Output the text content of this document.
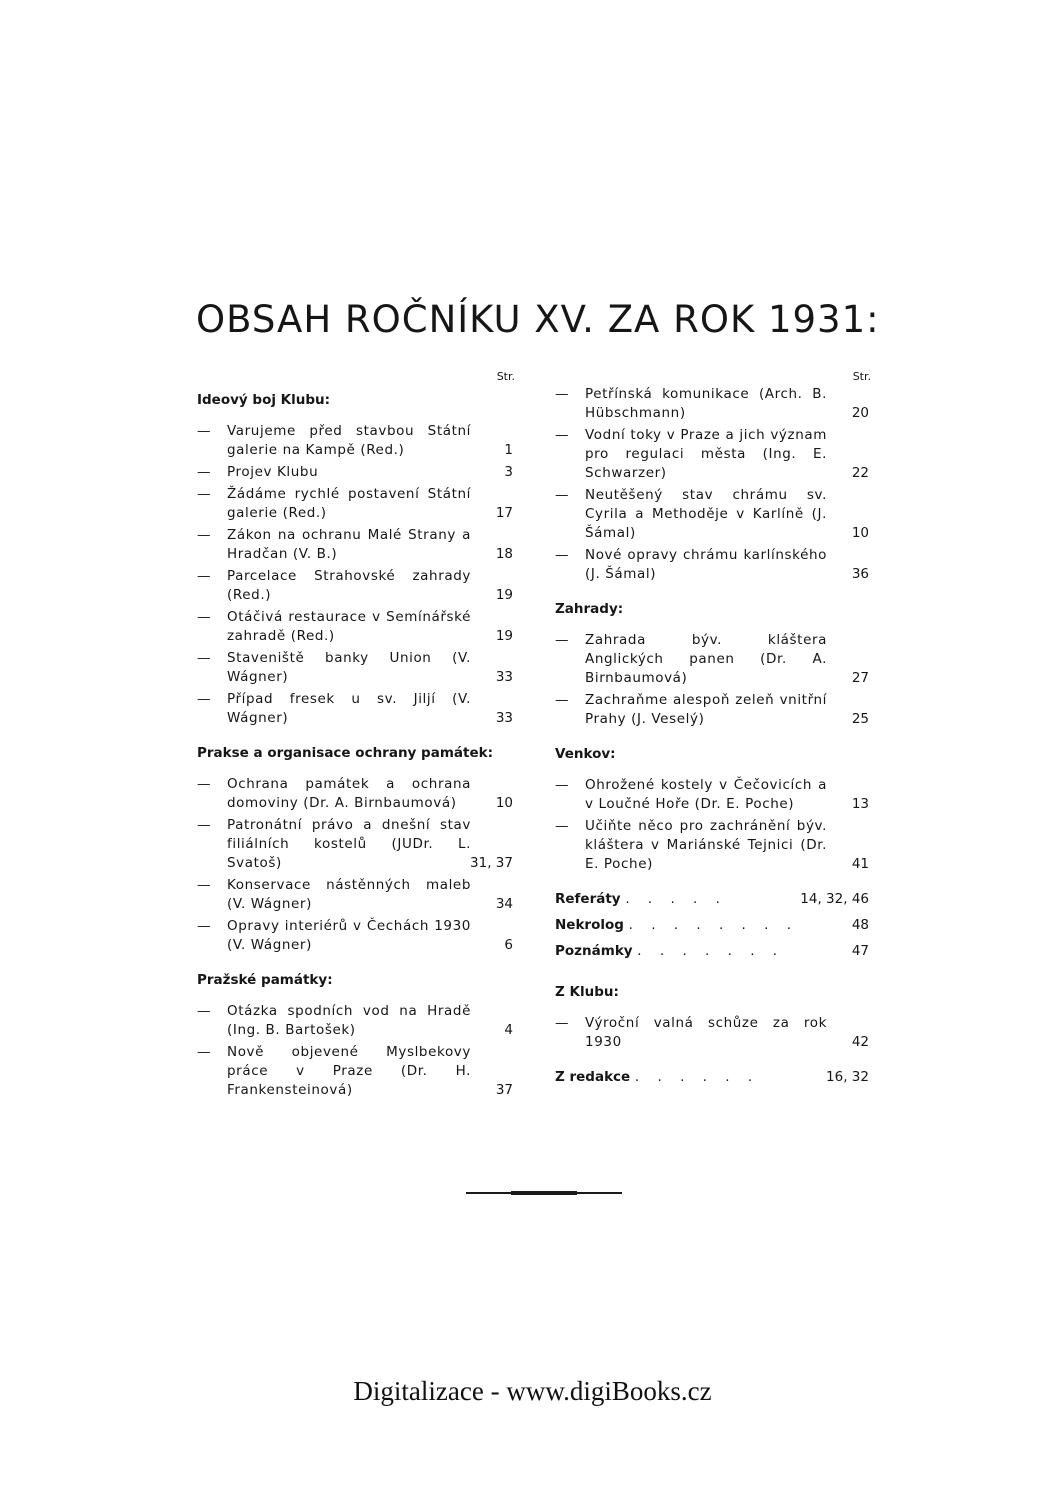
OBSAH ROČNÍKU XV. ZA ROK 1931:
Str.
Ideový boj Klubu:
— Varujeme před stavbou Státní galerie na Kampě (Red.)	1
— Projev Klubu	3
— Žádáme rychlé postavení Státní galerie (Red.)	17
— Zákon na ochranu Malé Strany a Hradčan (V. B.)	18
— Parcelace Strahovské zahrady (Red.)	19
— Otáčivá restaurace v Semínářské zahradě (Red.)	19
— Staveniště banky Union (V. Wágner)	33
— Případ fresek u sv. Jiljí (V. Wágner)	33
Prakse a organisace ochrany památek:
— Ochrana památek a ochrana domoviny (Dr. A. Birnbaumová)	10
— Patronátní právo a dnešní stav filiálních kostelů (JUDr. L. Svatoš)	31, 37
— Konservace nástěnných maleb (V. Wágner)	34
— Opravy interiérů v Čechách 1930 (V. Wágner)	6
Pražské památky:
— Otázka spodních vod na Hradě (Ing. B. Bartošek)	4
— Nově objevené Myslbekovy práce v Praze (Dr. H. Frankensteinová)	37
Str.
— Petřínská komunikace (Arch. B. Hübschmann)	20
— Vodní toky v Praze a jich význam pro regulaci města (Ing. E. Schwarzer)	22
— Neutěšený stav chrámu sv. Cyrila a Methoděje v Karlíně (J. Šámal)	10
— Nové opravy chrámu karlínského (J. Šámal)	36
Zahrady:
— Zahrada býv. kláštera Anglických panen (Dr. A. Birnbaumová)	27
— Zachraňme alespoň zeleň vnitřní Prahy (J. Veselý)	25
Venkov:
— Ohrožené kostely v Čečovicích a v Loučné Hoře (Dr. E. Poche)	13
— Učiňte něco pro zachránění býv. kláštera v Mariánské Tejnici (Dr. E. Poche)	41
Referáty . . . . .	14, 32, 46
Nekrolog . . . . . . . .	48
Poznámky . . . . . . .	47
Z Klubu:
— Výroční valná schůze za rok 1930	42
Z redakce . . . . . .	16, 32
Digitalizace - www.digiBooks.cz
